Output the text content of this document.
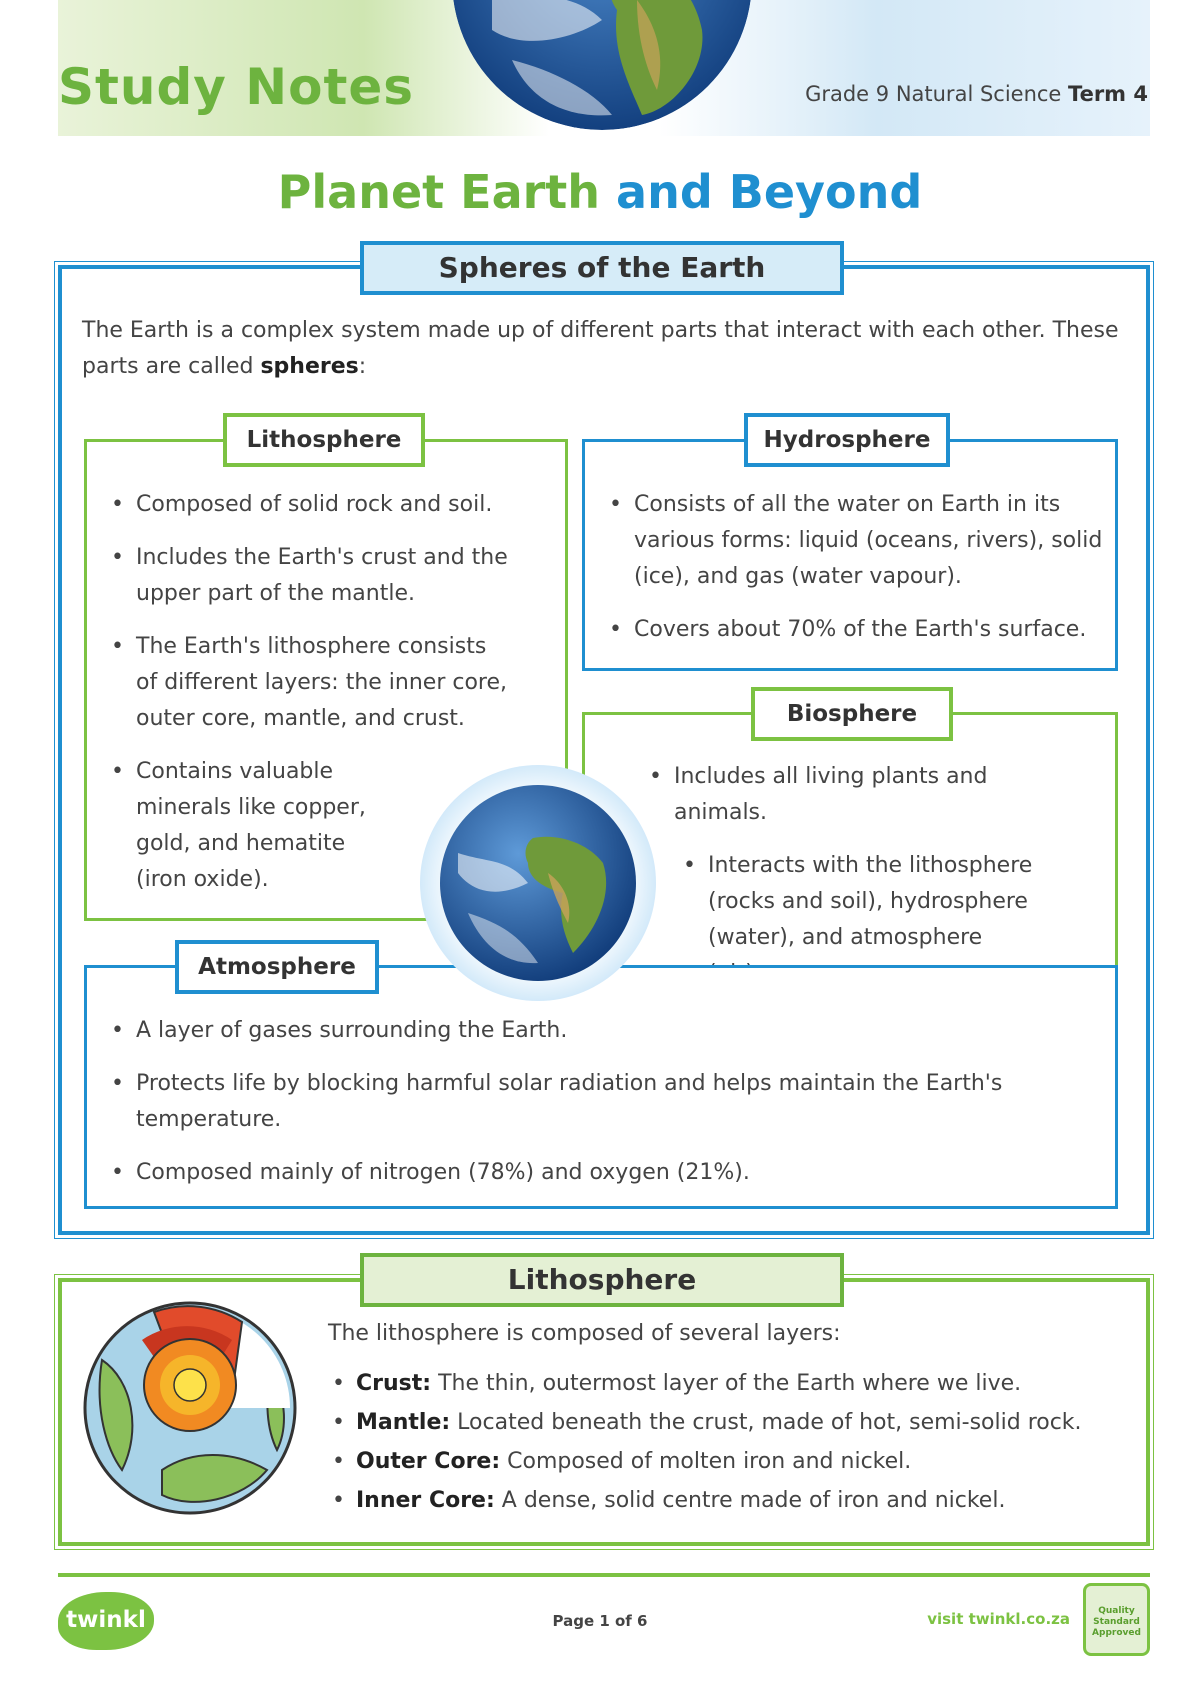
Study Notes	Grade 9 Natural Science Term 4
Planet Earth and Beyond
Spheres of the Earth

The Earth is a complex system made up of different parts that interact with each other. These parts are called spheres:

Lithosphere
• Composed of solid rock and soil.
• Includes the Earth's crust and the upper part of the mantle.
• The Earth's lithosphere consists of different layers: the inner core, outer core, mantle, and crust.
• Contains valuable minerals like copper, gold, and hematite (iron oxide).
Hydrosphere
• Consists of all the water on Earth in its various forms: liquid (oceans, rivers), solid (ice), and gas (water vapour).
• Covers about 70% of the Earth's surface.
Biosphere
• Includes all living plants and animals.
• Interacts with the lithosphere (rocks and soil), hydrosphere (water), and atmosphere
Atmosphere
• A layer of gases surrounding the Earth.
• Protects life by blocking harmful solar radiation and helps maintain the Earth's temperature.
• Composed mainly of nitrogen (78%) and oxygen (21%).
Lithosphere
The lithosphere is composed of several layers:
• Crust: The thin, outermost layer of the Earth where we live.
• Mantle: Located beneath the crust, made of hot, semi-solid rock.
• Outer Core: Composed of molten iron and nickel.
• Inner Core: A dense, solid centre made of iron and nickel.
twinkl	Page 1 of 6	visit twinkl.co.za	Quality Standard Approved
